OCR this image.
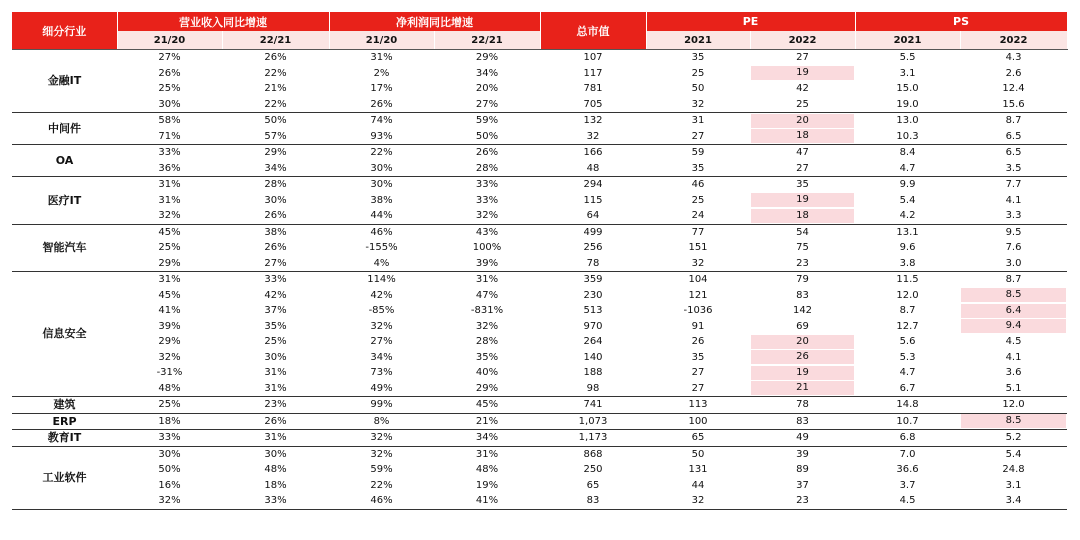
细分行业	营业收入同比增速		净利润同比增速		总市值	PE		PS	
	21/20	22/21	21/20	22/21		2021	2022	2021	2022
金融IT	27%	26%	31%	29%	107	35	27	5.5	4.3
	26%	22%	2%	34%	117	25	19	3.1	2.6
	25%	21%	17%	20%	781	50	42	15.0	12.4
	30%	22%	26%	27%	705	32	25	19.0	15.6
中间件	58%	50%	74%	59%	132	31	20	13.0	8.7
	71%	57%	93%	50%	32	27	18	10.3	6.5
OA	33%	29%	22%	26%	166	59	47	8.4	6.5
	36%	34%	30%	28%	48	35	27	4.7	3.5
医疗IT	31%	28%	30%	33%	294	46	35	9.9	7.7
	31%	30%	38%	33%	115	25	19	5.4	4.1
	32%	26%	44%	32%	64	24	18	4.2	3.3
智能汽车	45%	38%	46%	43%	499	77	54	13.1	9.5
	25%	26%	-155%	100%	256	151	75	9.6	7.6
	29%	27%	4%	39%	78	32	23	3.8	3.0
信息安全	31%	33%	114%	31%	359	104	79	11.5	8.7
	45%	42%	42%	47%	230	121	83	12.0	8.5

	41%	37%	-85%	-831%	513	-1036	142	8.7	6.4

	39%	35%	32%	32%	970	91	69	12.7	9.4

	29%	25%	27%	28%	264	26	20	5.6	4.5
	32%	30%	34%	35%	140	35	26	5.3	4.1
	-31%	31%	73%	40%	188	27	19	4.7	3.6
	48%	31%	49%	29%	98	27	21	6.7	5.1
建筑	25%	23%	99%	45%	741	113	78	14.8	12.0
ERP	18%	26%	8%	21%	1,073	100	83	10.7	8.5

教育IT	33%	31%	32%	34%	1,173	65	49	6.8	5.2
工业软件	30%	30%	32%	31%	868	50	39	7.0	5.4
	50%	48%	59%	48%	250	131	89	36.6	24.8
	16%	18%	22%	19%	65	44	37	3.7	3.1
	32%	33%	46%	41%	83	32	23	4.5	3.4
